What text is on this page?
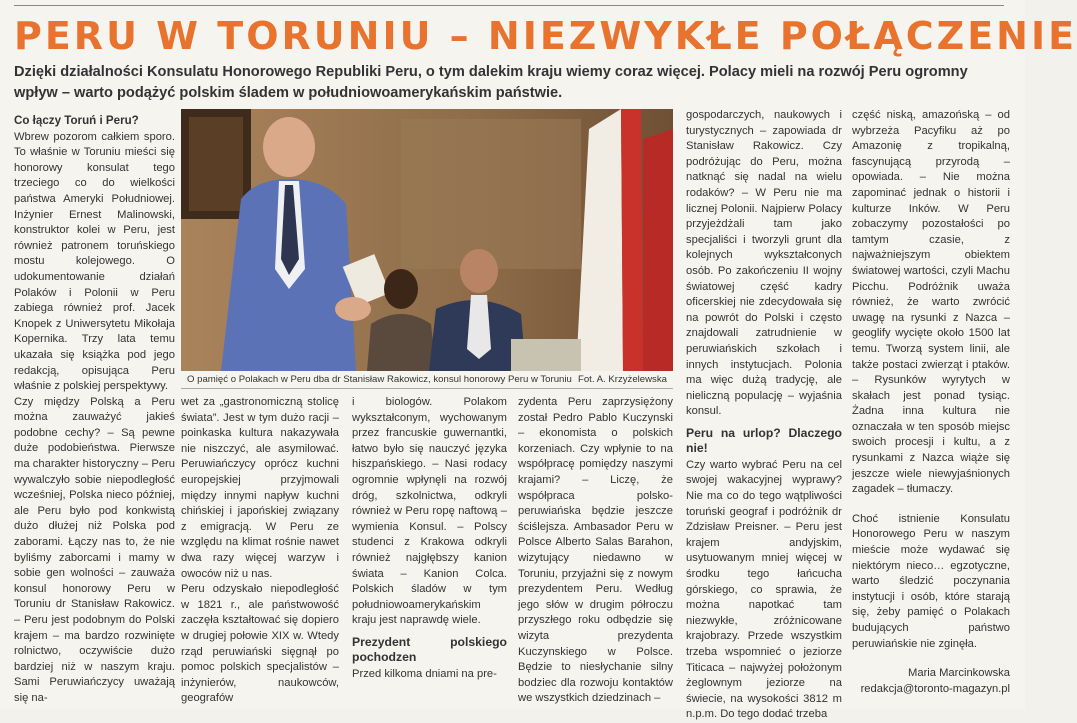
PERU W TORUNIU – NIEZWYKŁE POŁĄCZENIE
Dzięki działalności Konsulatu Honorowego Republiki Peru, o tym dalekim kraju wiemy coraz więcej. Polacy mieli na rozwój Peru ogromny wpływ – warto podążyć polskim śladem w południowoamerykańskim państwie.
Co łączy Toruń i Peru?

Wbrew pozorom całkiem sporo. To właśnie w Toruniu mieści się honorowy konsulat tego trzeciego co do wielkości państwa Ameryki Południowej. Inżynier Ernest Malinowski, konstruktor kolei w Peru, jest również patronem toruńskiego mostu kolejowego. O udokumentowanie działań Polaków i Polonii w Peru zabiega również prof. Jacek Knopek z Uniwersytetu Mikołaja Kopernika. Trzy lata temu ukazała się książka pod jego redakcją, opisująca Peru właśnie z polskiej perspektywy.

Czy między Polską a Peru można zauważyć jakieś podobne cechy? – Są pewne duże podobieństwa. Pierwsze ma charakter historyczny – Peru wywalczyło sobie niepodległość wcześniej, Polska nieco później, ale Peru było pod konkwistą dużo dłużej niż Polska pod zaborami. Łączy nas to, że nie byliśmy zaborcami i mamy w sobie gen wolności – zauważa konsul honorowy Peru w Toruniu dr Stanisław Rakowicz. – Peru jest podobnym do Polski krajem – ma bardzo rozwinięte rolnictwo, oczywiście dużo bardziej niż w naszym kraju. Sami Peruwiańczycy uważają się na-

O pamięć o Polakach w Peru dba dr Stanisław Rakowicz, konsul honorowy Peru w Toruniu Fot. A. Krzyżelewska

wet za „gastronomiczną stolicę świata”. Jest w tym dużo racji – poinkaska kultura nakazywała nie niszczyć, ale asymilować. Peruwiańczycy oprócz kuchni europejskiej przyjmowali między innymi napływ kuchni chińskiej i japońskiej związany z emigracją. W Peru ze względu na klimat rośnie nawet dwa razy więcej warzyw i owoców niż u nas.

Peru odzyskało niepodległość w 1821 r., ale państwowość zaczęła kształtować się dopiero w drugiej połowie XIX w. Wtedy rząd peruwiański sięgnął po pomoc polskich specjalistów – inżynierów, naukowców, geografów

i biologów. Polakom wykształconym, wychowanym przez francuskie guwernantki, łatwo było się nauczyć języka hiszpańskiego. – Nasi rodacy ogromnie wpłynęli na rozwój dróg, szkolnictwa, odkryli również w Peru ropę naftową – wymienia Konsul. – Polscy studenci z Krakowa odkryli również najgłębszy kanion świata – Kanion Colca. Polskich śladów w tym południowoamerykańskim kraju jest naprawdę wiele.

Prezydent polskiego pochodzen

Przed kilkoma dniami na pre-

zydenta Peru zaprzysiężony został Pedro Pablo Kuczynski – ekonomista o polskich korzeniach. Czy wpłynie to na współpracę pomiędzy naszymi krajami? – Liczę, że współpraca polsko-peruwiańska będzie jeszcze ściślejsza. Ambasador Peru w Polsce Alberto Salas Barahon, wizytujący niedawno w Toruniu, przyjaźni się z nowym prezydentem Peru. Według jego słów w drugim półroczu przyszłego roku odbędzie się wizyta prezydenta Kuczynskiego w Polsce. Będzie to niesłychanie silny bodziec dla rozwoju kontaktów we wszystkich dziedzinach –

gospodarczych, naukowych i turystycznych – zapowiada dr Stanisław Rakowicz. Czy podróżując do Peru, można natknąć się nadal na wielu rodaków? – W Peru nie ma licznej Polonii. Najpierw Polacy przyjeżdżali tam jako specjaliści i tworzyli grunt dla kolejnych wykształconych osób. Po zakończeniu II wojny światowej część kadry oficerskiej nie zdecydowała się na powrót do Polski i często znajdowali zatrudnienie w peruwiańskich szkołach i innych instytucjach. Polonia ma więc dużą tradycję, ale nieliczną populację – wyjaśnia konsul.

Peru na urlop? Dlaczego nie!

Czy warto wybrać Peru na cel swojej wakacyjnej wyprawy? Nie ma co do tego wątpliwości toruński geograf i podróżnik dr Zdzisław Preisner. – Peru jest krajem andyjskim, usytuowanym mniej więcej w środku tego łańcucha górskiego, co sprawia, że można napotkać tam niezwykłe, zróżnicowane krajobrazy. Przede wszystkim trzeba wspomnieć o jeziorze Titicaca – najwyżej położonym żeglownym jeziorze na świecie, na wysokości 3812 m n.p.m. Do tego dodać trzeba

część niską, amazońską – od wybrzeża Pacyfiku aż po Amazonię z tropikalną, fascynującą przyrodą – opowiada. – Nie można zapominać jednak o historii i kulturze Inków. W Peru zobaczymy pozostałości po tamtym czasie, z najważniejszym obiektem światowej wartości, czyli Machu Picchu. Podróżnik uważa również, że warto zwrócić uwagę na rysunki z Nazca – geoglify wycięte około 1500 lat temu. Tworzą system linii, ale także postaci zwierząt i ptaków. – Rysunków wyrytych w skałach jest ponad tysiąc. Żadna inna kultura nie oznaczała w ten sposób miejsc swoich procesji i kultu, a z rysunkami z Nazca wiąże się jeszcze wiele niewyjaśnionych zagadek – tłumaczy.

Choć istnienie Konsulatu Honorowego Peru w naszym mieście może wydawać się niektórym nieco… egzotyczne, warto śledzić poczynania instytucji i osób, które starają się, żeby pamięć o Polakach budujących państwo peruwiańskie nie zginęła.

Maria Marcinkowska

redakcja@toronto-magazyn.pl
